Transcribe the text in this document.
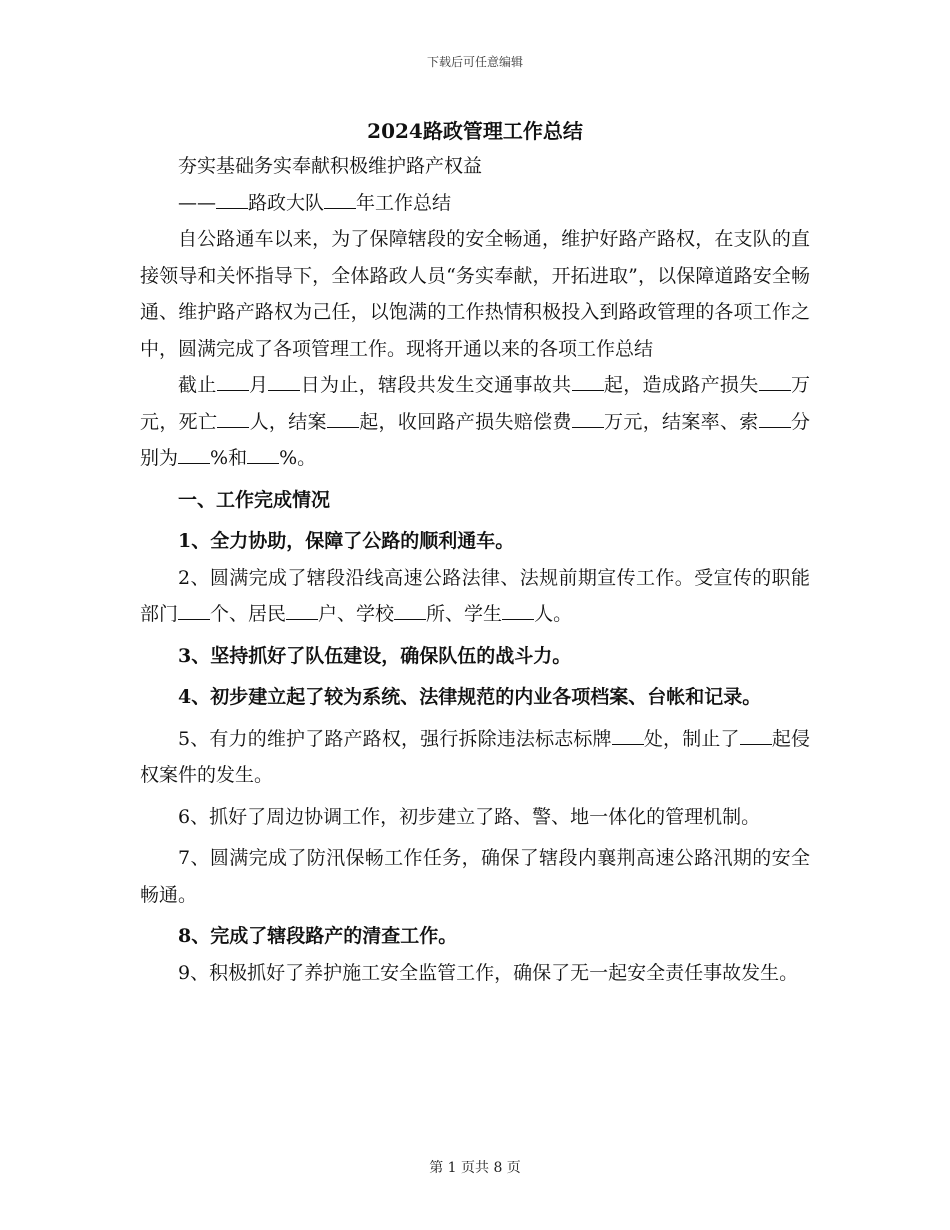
下载后可任意编辑
2024路政管理工作总结

夯实基础务实奉献积极维护路产权益

—— 路政大队 年工作总结

自公路通车以来，为了保障辖段的安全畅通，维护好路产路权，在支队的直接领导和关怀指导下，全体路政人员“务实奉献，开拓进取”，以保障道路安全畅通、维护路产路权为己任，以饱满的工作热情积极投入到路政管理的各项工作之中，圆满完成了各项管理工作。现将开通以来的各项工作总结

截止 月 日为止，辖段共发生交通事故共 起，造成路产损失 万元，死亡 人，结案 起，收回路产损失赔偿费 万元，结案率、索 分别为 %和 %。

一、工作完成情况

1、全力协助，保障了公路的顺利通车。

2、圆满完成了辖段沿线高速公路法律、法规前期宣传工作。受宣传的职能部门 个、居民 户、学校 所、学生 人。

3、坚持抓好了队伍建设，确保队伍的战斗力。

4、初步建立起了较为系统、法律规范的内业各项档案、台帐和记录。

5、有力的维护了路产路权，强行拆除违法标志标牌 处，制止了 起侵权案件的发生。

6、抓好了周边协调工作，初步建立了路、警、地一体化的管理机制。

7、圆满完成了防汛保畅工作任务，确保了辖段内襄荆高速公路汛期的安全畅通。

8、完成了辖段路产的清查工作。

9、积极抓好了养护施工安全监管工作，确保了无一起安全责任事故发生。

第 1 页共 8 页
